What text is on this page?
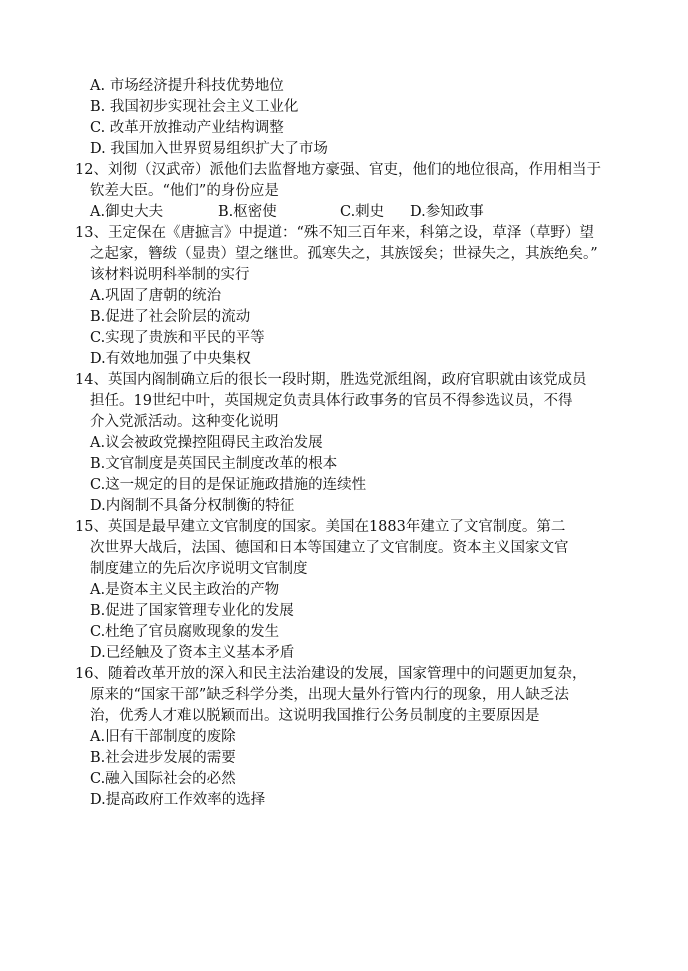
A. 市场经济提升科技优势地位
B. 我国初步实现社会主义工业化
C. 改革开放推动产业结构调整
D. 我国加入世界贸易组织扩大了市场
12、刘彻（汉武帝）派他们去监督地方豪强、官吏，他们的地位很高，作用相当于
钦差大臣。“他们”的身份应是
A.御史大夫	B.枢密使	C.刺史 D.参知政事
13、王定保在《唐摭言》中提道：“殊不知三百年来，科第之设，草泽（草野）望
之起家，簪绂（显贵）望之继世。孤寒失之，其族馁矣；世禄失之，其族绝矣。”
该材料说明科举制的实行
A.巩固了唐朝的统治
B.促进了社会阶层的流动
C.实现了贵族和平民的平等
D.有效地加强了中央集权
14、英国内阁制确立后的很长一段时期，胜选党派组阁，政府官职就由该党成员
担任。19世纪中叶，英国规定负责具体行政事务的官员不得参选议员，不得
介入党派活动。这种变化说明
A.议会被政党操控阻碍民主政治发展
B.文官制度是英国民主制度改革的根本
C.这一规定的目的是保证施政措施的连续性
D.内阁制不具备分权制衡的特征
15、英国是最早建立文官制度的国家。美国在1883年建立了文官制度。第二
次世界大战后，法国、德国和日本等国建立了文官制度。资本主义国家文官
制度建立的先后次序说明文官制度
A.是资本主义民主政治的产物
B.促进了国家管理专业化的发展
C.杜绝了官员腐败现象的发生
D.已经触及了资本主义基本矛盾
16、随着改革开放的深入和民主法治建设的发展，国家管理中的问题更加复杂，
原来的“国家干部”缺乏科学分类，出现大量外行管内行的现象，用人缺乏法
治，优秀人才难以脱颖而出。这说明我国推行公务员制度的主要原因是
A.旧有干部制度的废除
B.社会进步发展的需要
C.融入国际社会的必然
D.提高政府工作效率的选择
